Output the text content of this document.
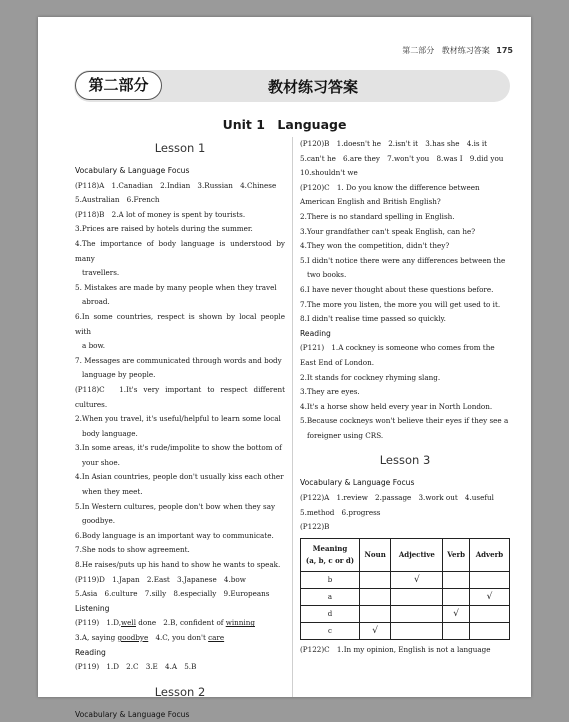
第二部分 教材练习答案 175
第二部分	教材练习答案
Unit 1　Language
Lesson 1
Vocabulary & Language Focus
(P118)A　1.Canadian　2.Indian　3.Russian　4.Chinese
5.Australian　6.French
(P118)B　2.A lot of money is spent by tourists.
3.Prices are raised by hotels during the summer.
4.The importance of body language is understood by many
travellers.
5. Mistakes are made by many people when they travel
abroad.
6.In some countries, respect is shown by local people with
a bow.
7. Messages are communicated through words and body
language by people.
(P118)C　1.It's very important to respect different cultures.
2.When you travel, it's useful/helpful to learn some local
body language.
3.In some areas, it's rude/impolite to show the bottom of
your shoe.
4.In Asian countries, people don't usually kiss each other
when they meet.
5.In Western cultures, people don't bow when they say
goodbye.
6.Body language is an important way to communicate.
7.She nods to show agreement.
8.He raises/puts up his hand to show he wants to speak.
(P119)D　1.Japan　2.East　3.Japanese　4.bow
5.Asia　6.culture　7.silly　8.especially　9.Europeans
Listening
(P119)　1.D,well done　2.B, confident of winning
3.A, saying goodbye　4.C, you don't care
Reading
(P119)　1.D　2.C　3.E　4.A　5.B
Lesson 2
Vocabulary & Language Focus
(P120)B　1.doesn't he　2.isn't it　3.has she　4.is it
5.can't he　6.are they　7.won't you　8.was I　9.did you
10.shouldn't we
(P120)C　1. Do you know the difference between
American English and British English?
2.There is no standard spelling in English.
3.Your grandfather can't speak English, can he?
4.They won the competition, didn't they?
5.I didn't notice there were any differences between the
two books.
6.I have never thought about these questions before.
7.The more you listen, the more you will get used to it.
8.I didn't realise time passed so quickly.
Reading
(P121)　1.A cockney is someone who comes from the
East End of London.
2.It stands for cockney rhyming slang.
3.They are eyes.
4.It's a horse show held every year in North London.
5.Because cockneys won't believe their eyes if they see a
foreigner using CRS.
Lesson 3
Vocabulary & Language Focus
(P122)A　1.review　2.passage　3.work out　4.useful
5.method　6.progress
(P122)B
Meaning
(a, b, c or d)	Noun	Adjective	Verb	Adverb
b		√		
a				√
d			√	
c	√			
(P122)C　1.In my opinion, English is not a language
